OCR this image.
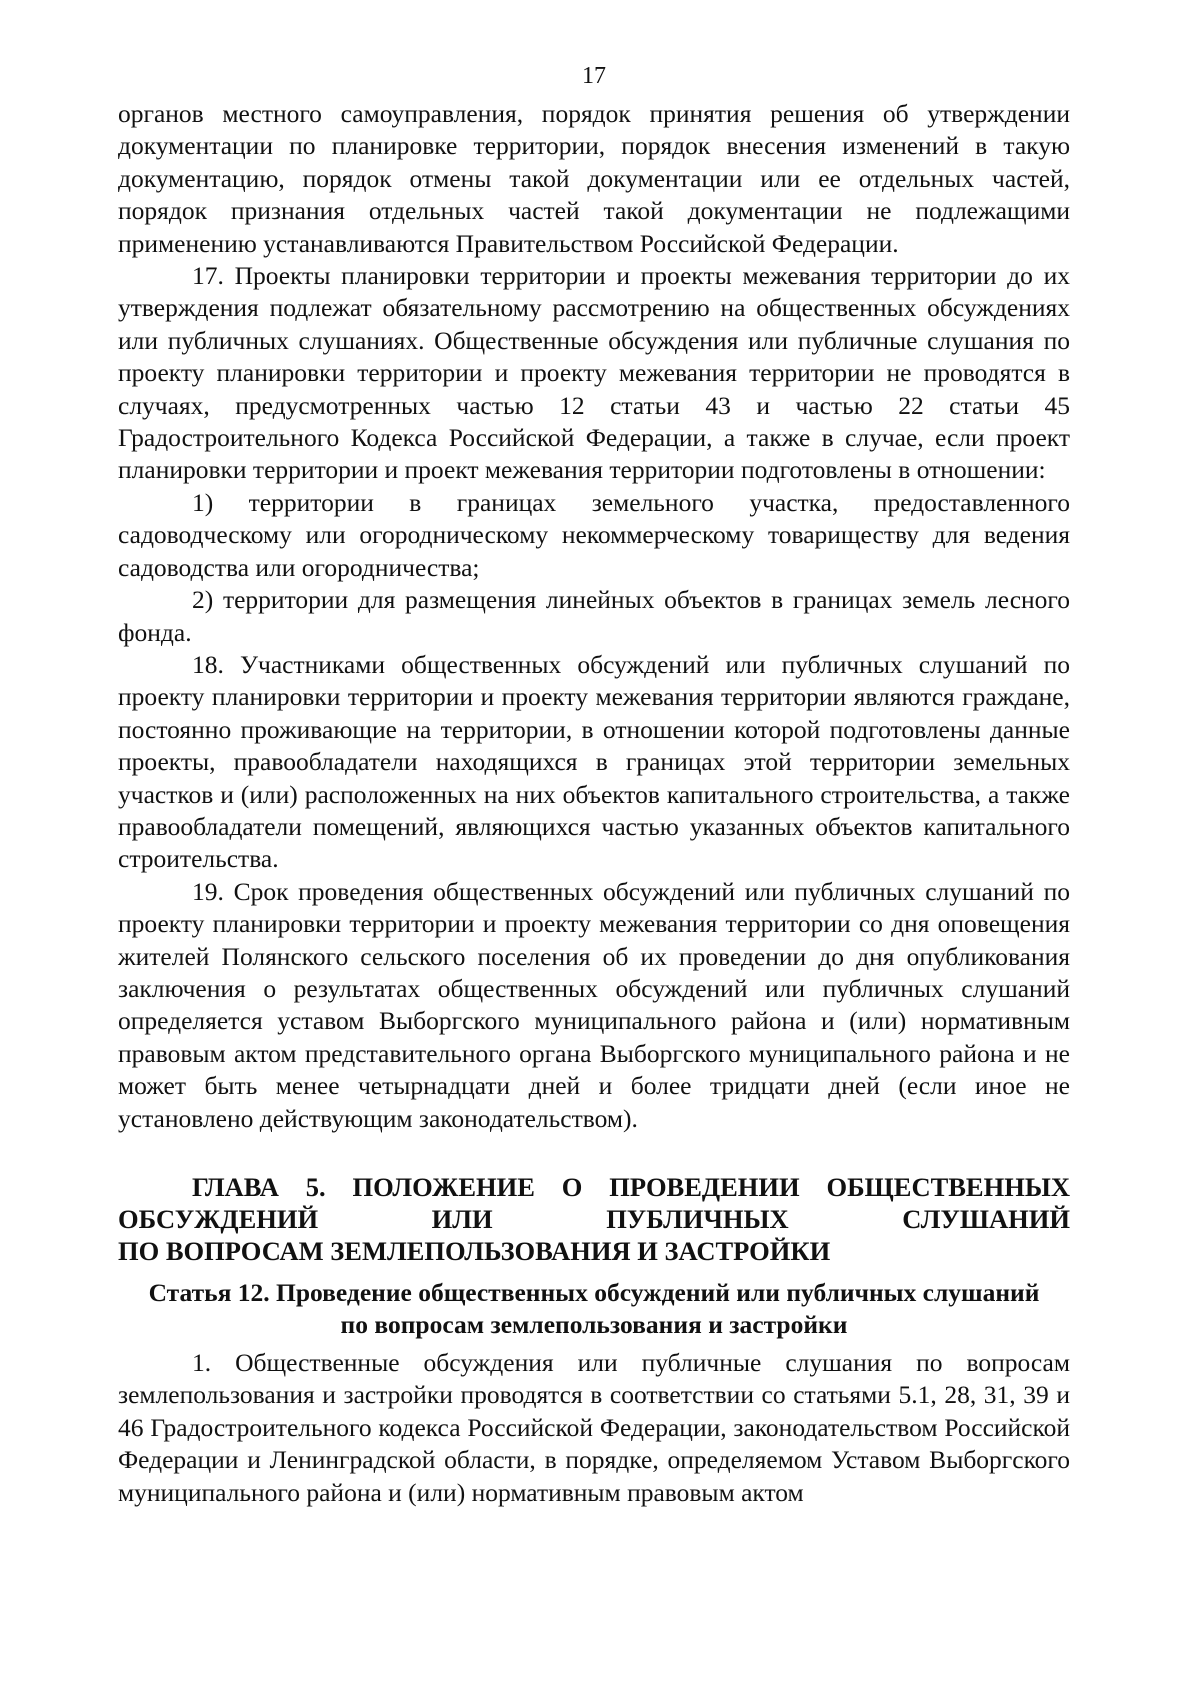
17

органов местного самоуправления, порядок принятия решения об утверждении документации по планировке территории, порядок внесения изменений в такую документацию, порядок отмены такой документации или ее отдельных частей, порядок признания отдельных частей такой документации не подлежащими применению устанавливаются Правительством Российской Федерации.

17. Проекты планировки территории и проекты межевания территории до их утверждения подлежат обязательному рассмотрению на общественных обсуждениях или публичных слушаниях. Общественные обсуждения или публичные слушания по проекту планировки территории и проекту межевания территории не проводятся в случаях, предусмотренных частью 12 статьи 43 и частью 22 статьи 45 Градостроительного Кодекса Российской Федерации, а также в случае, если проект планировки территории и проект межевания территории подготовлены в отношении:

1) территории в границах земельного участка, предоставленного садоводческому или огородническому некоммерческому товариществу для ведения садоводства или огородничества;

2) территории для размещения линейных объектов в границах земель лесного фонда.

18. Участниками общественных обсуждений или публичных слушаний по проекту планировки территории и проекту межевания территории являются граждане, постоянно проживающие на территории, в отношении которой подготовлены данные проекты, правообладатели находящихся в границах этой территории земельных участков и (или) расположенных на них объектов капитального строительства, а также правообладатели помещений, являющихся частью указанных объектов капитального строительства.

19. Срок проведения общественных обсуждений или публичных слушаний по проекту планировки территории и проекту межевания территории со дня оповещения жителей Полянского сельского поселения об их проведении до дня опубликования заключения о результатах общественных обсуждений или публичных слушаний определяется уставом Выборгского муниципального района и (или) нормативным правовым актом представительного органа Выборгского муниципального района и не может быть менее четырнадцати дней и более тридцати дней (если иное не установлено действующим законодательством).

ГЛАВА 5. ПОЛОЖЕНИЕ О ПРОВЕДЕНИИ ОБЩЕСТВЕННЫХ ОБСУЖДЕНИЙ ИЛИ ПУБЛИЧНЫХ СЛУШАНИЙ
ПО ВОПРОСАМ ЗЕМЛЕПОЛЬЗОВАНИЯ И ЗАСТРОЙКИ
Статья 12. Проведение общественных обсуждений или публичных слушаний
по вопросам землепользования и застройки

1. Общественные обсуждения или публичные слушания по вопросам землепользования и застройки проводятся в соответствии со статьями 5.1, 28, 31, 39 и 46 Градостроительного кодекса Российской Федерации, законодательством Российской Федерации и Ленинградской области, в порядке, определяемом Уставом Выборгского муниципального района и (или) нормативным правовым актом
